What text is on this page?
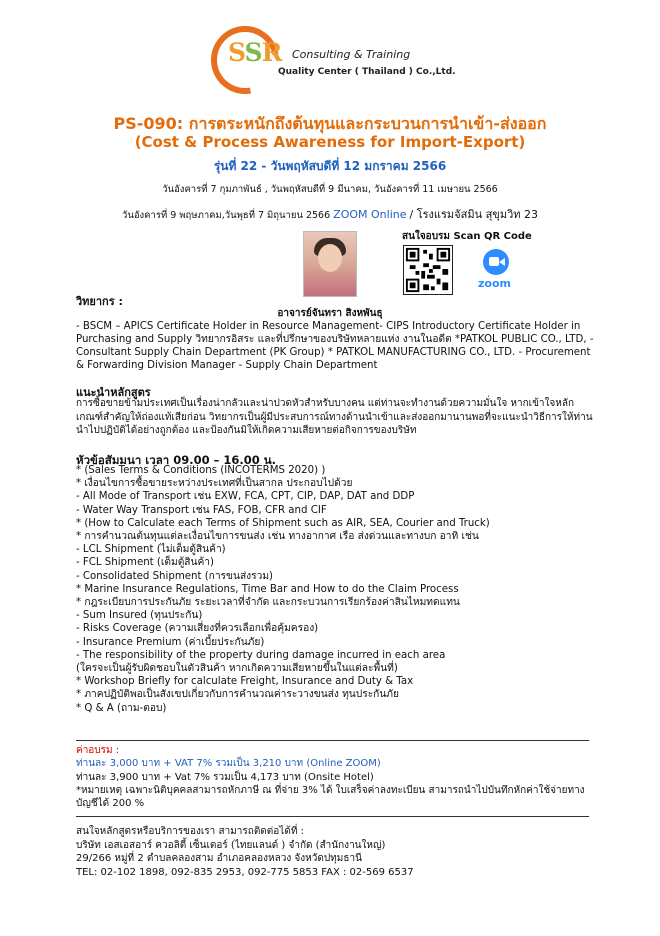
SSR Consulting & Training
Quality Center ( Thailand ) Co.,Ltd.
PS-090: การตระหนักถึงต้นทุนและกระบวนการนำเข้า-ส่งออก
(Cost & Process Awareness for Import-Export)
รุ่นที่ 22 - วันพฤหัสบดีที่ 12 มกราคม 2566
วันอังคารที่ 7 กุมภาพันธ์ , วันพฤหัสบดีที่ 9 มีนาคม, วันอังคารที่ 11 เมษายน 2566
วันอังคารที่ 9 พฤษภาคม,วันพุธที่ 7 มิถุนายน 2566 ZOOM Online / โรงแรมจัสมิน สุขุมวิท 23
สนใจอบรม Scan QR Code
zoom
วิทยากร :
อาจารย์จันทรา สิงหพันธุ
- BSCM – APICS Certificate Holder in Resource Management- CIPS Introductory Certificate Holder in Purchasing and Supply วิทยากรอิสระ และที่ปรึกษาของบริษัทหลายแห่ง งานในอดีต *PATKOL PUBLIC CO., LTD, - Consultant Supply Chain Department (PK Group) * PATKOL MANUFACTURING CO., LTD. - Procurement & Forwarding Division Manager - Supply Chain Department
แนะนำหลักสูตร
การซื้อขายข้ามประเทศเป็นเรื่องน่ากลัวและน่าปวดหัวสำหรับบางคน แต่ท่านจะทำงานด้วยความมั่นใจ หากเข้าใจหลักเกณฑ์สำคัญให้ถ่องแท้เสียก่อน วิทยากรเป็นผู้มีประสบการณ์ทางด้านนำเข้าและส่งออกมานานพอที่จะแนะนำวิธีการให้ท่านนำไปปฏิบัติได้อย่างถูกต้อง และป้องกันมิให้เกิดความเสียหายต่อกิจการของบริษัท
หัวข้อสัมมนา เวลา 09.00 – 16.00 น.
* (Sales Terms & Conditions (INCOTERMS 2020) )
* เงื่อนไขการซื้อขายระหว่างประเทศที่เป็นสากล ประกอบไปด้วย
- All Mode of Transport เช่น EXW, FCA, CPT, CIP, DAP, DAT and DDP
- Water Way Transport เช่น FAS, FOB, CFR and CIF
* (How to Calculate each Terms of Shipment such as AIR, SEA, Courier and Truck)
* การคำนวณต้นทุนแต่ละเงื่อนไขการขนส่ง เช่น ทางอากาศ เรือ ส่งด่วนและทางบก อาทิ เช่น
- LCL Shipment (ไม่เต็มตู้สินค้า)
- FCL Shipment (เต็มตู้สินค้า)
- Consolidated Shipment (การขนส่งรวม)
* Marine Insurance Regulations, Time Bar and How to do the Claim Process
* กฎระเบียบการประกันภัย ระยะเวลาที่จำกัด และกระบวนการเรียกร้องค่าสินไหมทดแทน
- Sum Insured (ทุนประกัน)
- Risks Coverage (ความเสี่ยงที่ควรเลือกเพื่อคุ้มครอง)
- Insurance Premium (ค่าเบี้ยประกันภัย)
- The responsibility of the property during damage incurred in each area
(ใครจะเป็นผู้รับผิดชอบในตัวสินค้า หากเกิดความเสียหายขึ้นในแต่ละพื้นที่)
* Workshop Briefly for calculate Freight, Insurance and Duty & Tax
* ภาคปฏิบัติพอเป็นสังเขปเกี่ยวกับการคำนวณค่าระวางขนส่ง ทุนประกันภัย
* Q & A (ถาม-ตอบ)
ค่าอบรม :
ท่านละ 3,000 บาท + VAT 7% รวมเป็น 3,210 บาท (Online ZOOM)
ท่านละ 3,900 บาท + Vat 7% รวมเป็น 4,173 บาท (Onsite Hotel)
*หมายเหตุ เฉพาะนิติบุคคลสามารถหักภาษี ณ ที่จ่าย 3% ได้ ใบเสร็จค่าลงทะเบียน สามารถนำไปบันทึกหักค่าใช้จ่ายทางบัญชีได้ 200 %
สนใจหลักสูตรหรือบริการของเรา สามารถติดต่อได้ที่ :
บริษัท เอสเอสอาร์ ควอลิตี้ เซ็นเตอร์ (ไทยแลนด์ ) จำกัด (สำนักงานใหญ่)
29/266 หมู่ที่ 2 ตำบลคลองสาม อำเภอคลองหลวง จังหวัดปทุมธานี
TEL: 02-102 1898, 092-835 2953, 092-775 5853 FAX : 02-569 6537
